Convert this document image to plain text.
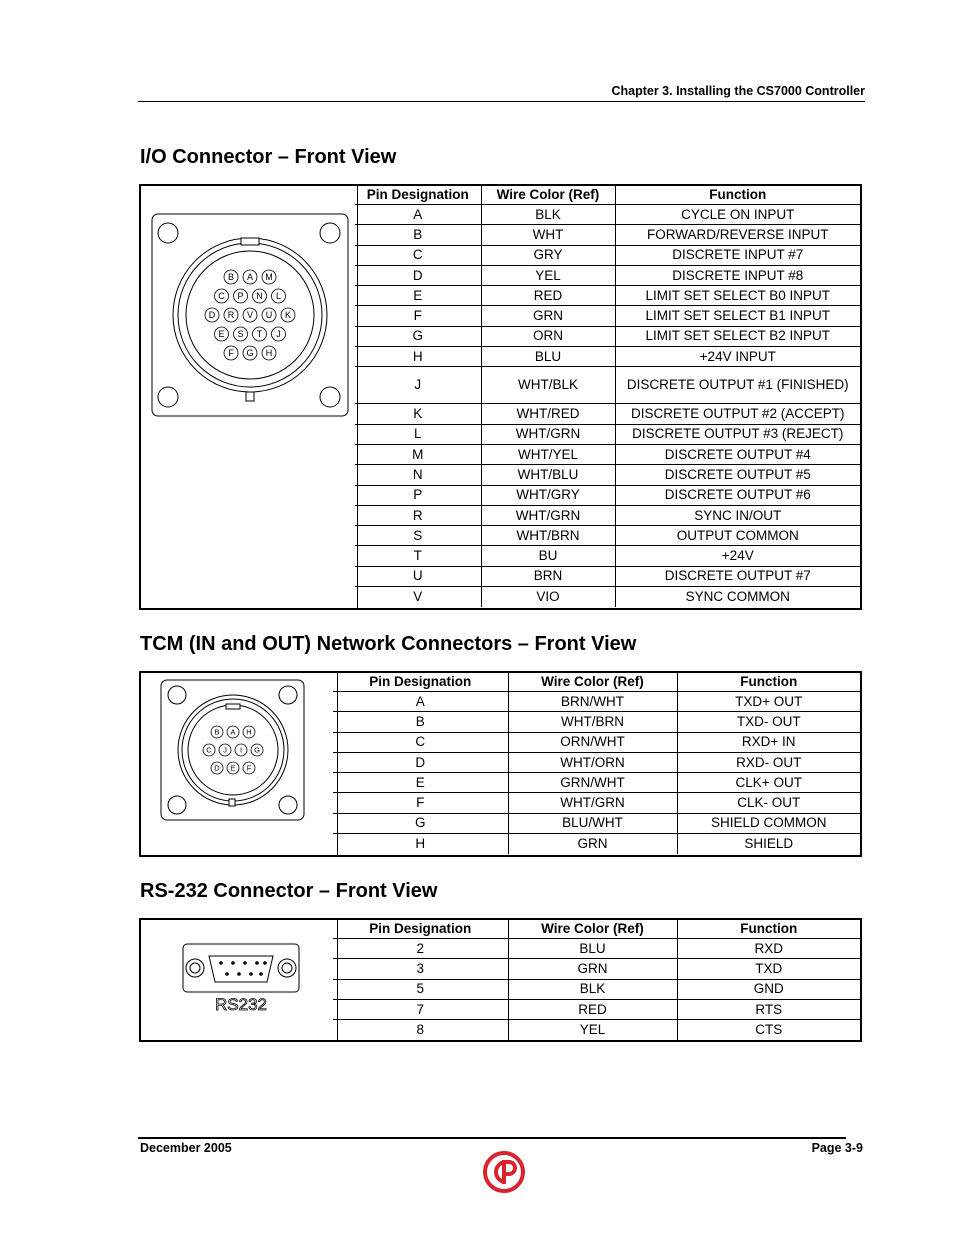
Chapter 3. Installing the CS7000 Controller
I/O Connector – Front View
B A M
C P N L
D R V U K
E S T J
F G H
Pin Designation	Wire Color (Ref)	Function
A	BLK	CYCLE ON INPUT
B	WHT	FORWARD/REVERSE INPUT
C	GRY	DISCRETE INPUT #7
D	YEL	DISCRETE INPUT #8
E	RED	LIMIT SET SELECT B0 INPUT
F	GRN	LIMIT SET SELECT B1 INPUT
G	ORN	LIMIT SET SELECT B2 INPUT
H	BLU	+24V INPUT
J	WHT/BLK	DISCRETE OUTPUT #1 (FINISHED)
K	WHT/RED	DISCRETE OUTPUT #2 (ACCEPT)
L	WHT/GRN	DISCRETE OUTPUT #3 (REJECT)
M	WHT/YEL	DISCRETE OUTPUT #4
N	WHT/BLU	DISCRETE OUTPUT #5
P	WHT/GRY	DISCRETE OUTPUT #6
R	WHT/GRN	SYNC IN/OUT
S	WHT/BRN	OUTPUT COMMON
T	BU	+24V
U	BRN	DISCRETE OUTPUT #7
V	VIO	SYNC COMMON
TCM (IN and OUT) Network Connectors – Front View
B A H
C J I G
D E F
Pin Designation	Wire Color (Ref)	Function
A	BRN/WHT	TXD+ OUT
B	WHT/BRN	TXD- OUT
C	ORN/WHT	RXD+ IN
D	WHT/ORN	RXD- OUT
E	GRN/WHT	CLK+ OUT
F	WHT/GRN	CLK- OUT
G	BLU/WHT	SHIELD COMMON
H	GRN	SHIELD
RS-232 Connector – Front View
RS232
Pin Designation	Wire Color (Ref)	Function
2	BLU	RXD
3	GRN	TXD
5	BLK	GND
7	RED	RTS
8	YEL	CTS
December 2005	Page 3-9
